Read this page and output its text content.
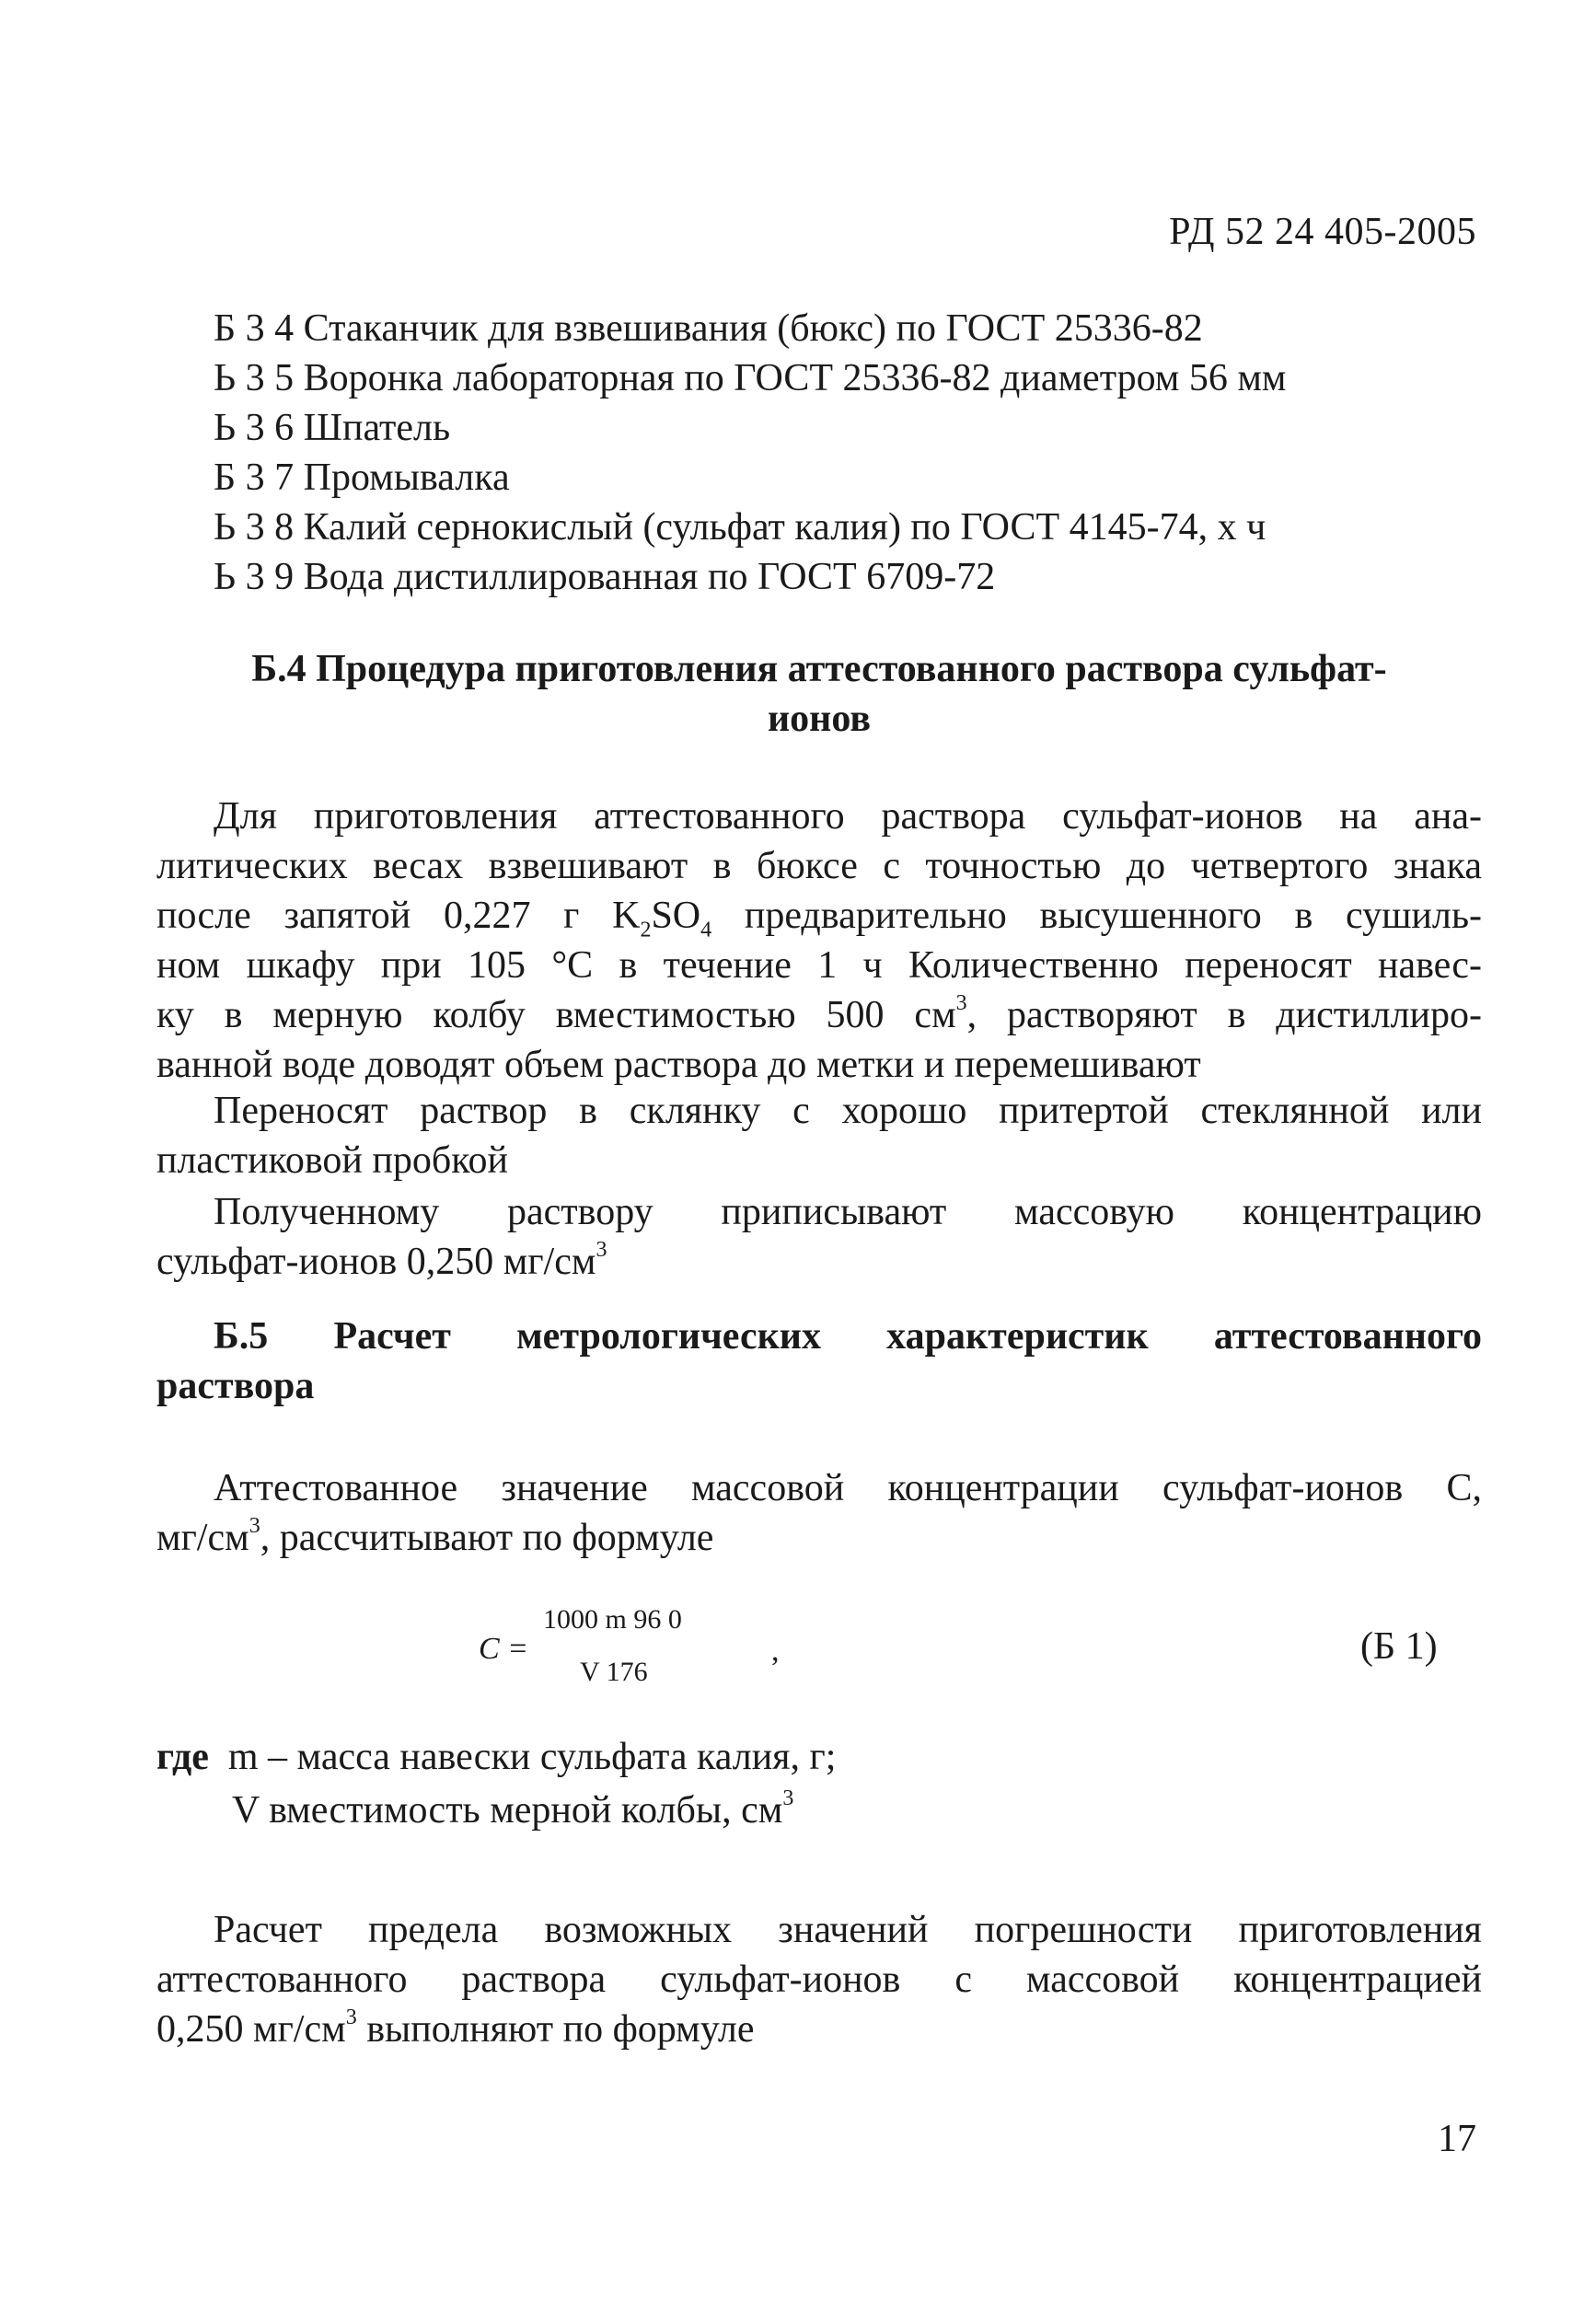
РД 52 24 405-2005
Б 3 4 Стаканчик для взвешивания (бюкс) по ГОСТ 25336-82
Ь 3 5 Воронка лабораторная по ГОСТ 25336-82 диаметром 56 мм
Ь 3 6 Шпатель
Б 3 7 Промывалка
Ь 3 8 Калий сернокислый (сульфат калия) по ГОСТ 4145-74, х ч
Ь 3 9 Вода дистиллированная по ГОСТ 6709-72
Б.4 Процедура приготовления аттестованного раствора сульфат-
ионов
Для приготовления аттестованного раствора сульфат-ионов на ана-
литических весах взвешивают в бюксе с точностью до четвертого знака
после запятой 0,227 г $K_2SO_4$ предварительно высушенного в сушиль-
ном шкафу при 105 °С в течение 1 ч Количественно переносят навес-
ку в мерную колбу вместимостью 500 $см^3$, растворяют в дистиллиро-
ванной воде доводят объем раствора до метки и перемешивают
Переносят раствор в склянку с хорошо притертой стеклянной или
пластиковой пробкой
Полученному раствору приписывают массовую концентрацию
сульфат-ионов 0,250 $мг/см^3$
Б.5 Расчет метрологических характеристик аттестованного
раствора
Аттестованное значение массовой концентрации сульфат-ионов C,
$мг/см^3$, рассчитывают по формуле
C =
1000 m 96 0
V 176
,	(Б 1)
где m – масса навески сульфата калия, г;
V вместимость мерной колбы, $см^3$
Расчет предела возможных значений погрешности приготовления
аттестованного раствора сульфат-ионов с массовой концентрацией
0,250 $мг/см^3$ выполняют по формуле
17
